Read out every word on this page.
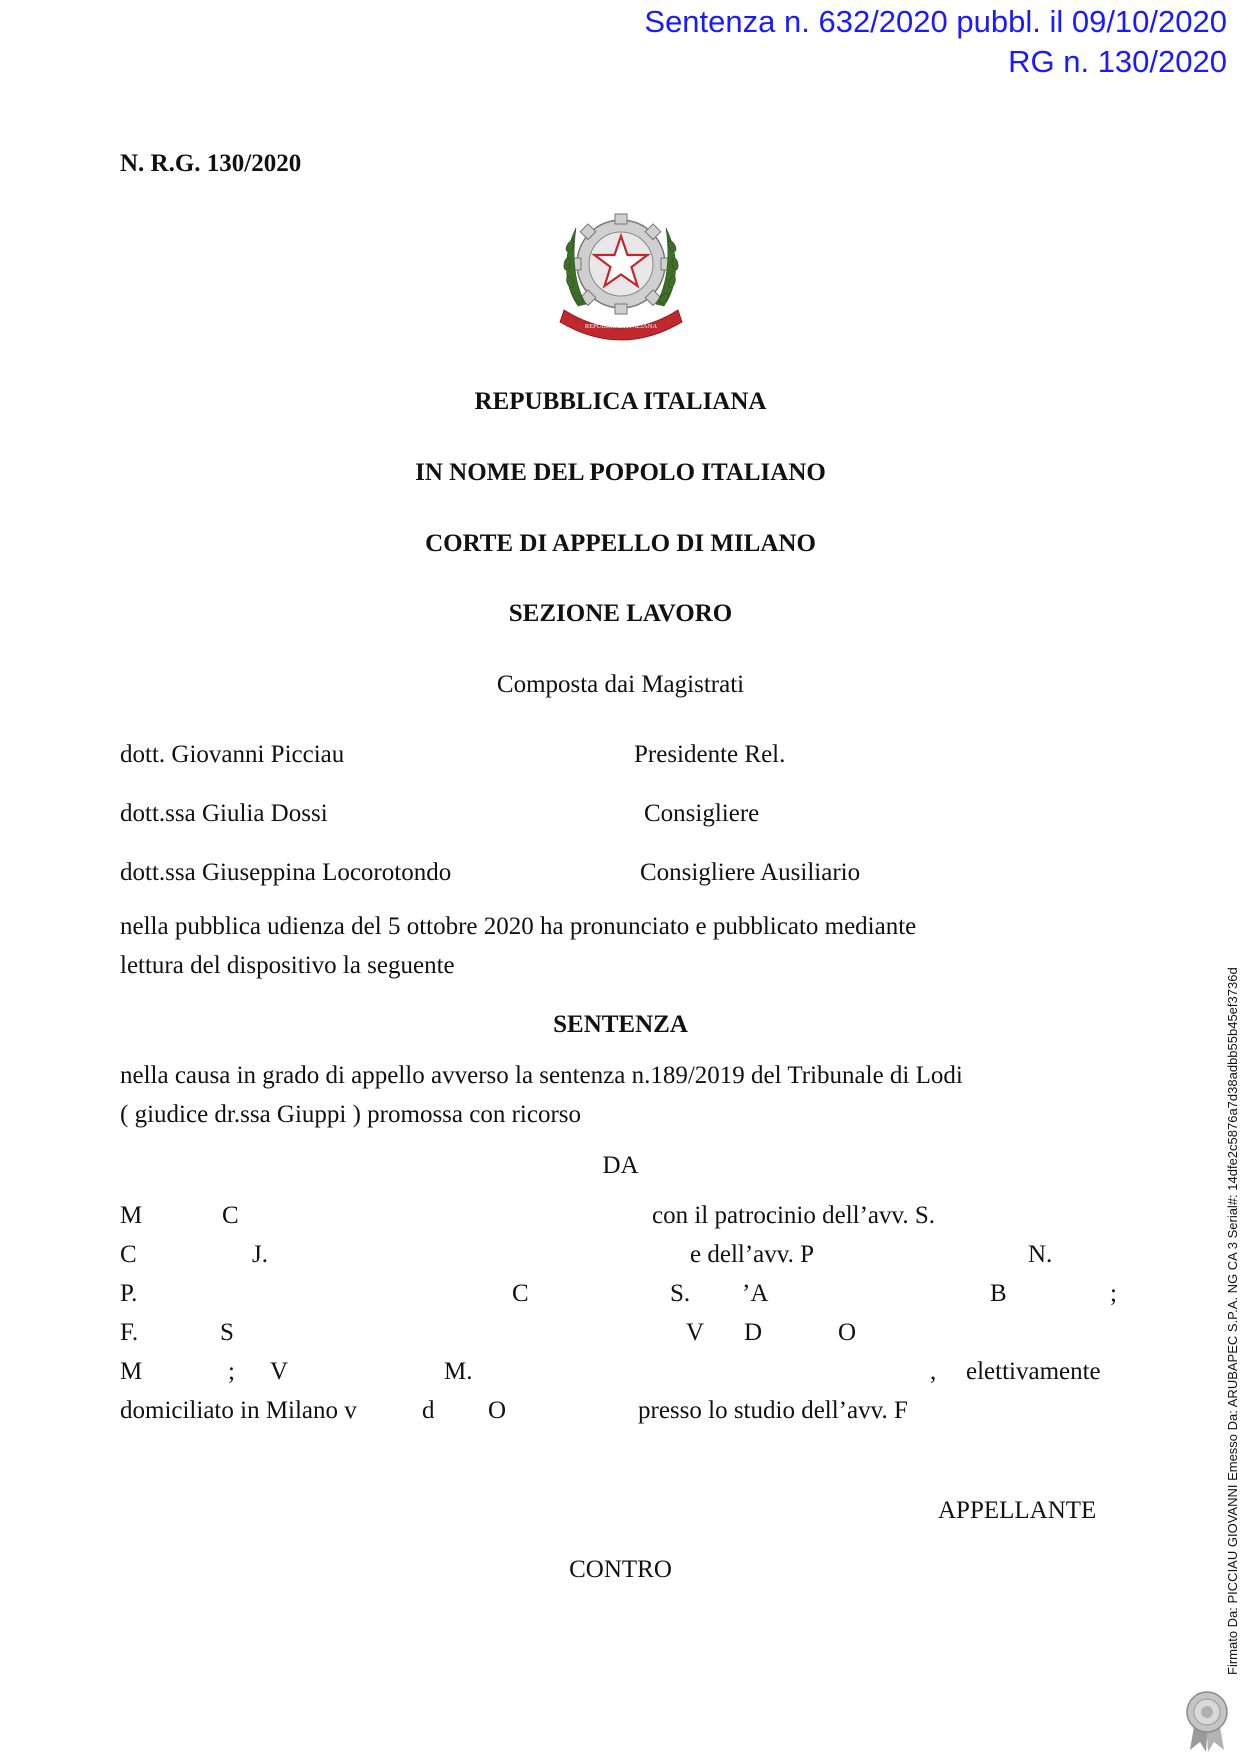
Sentenza n. 632/2020 pubbl. il 09/10/2020
RG n. 130/2020
N. R.G. 130/2020
REPUBBLICA ITALIANA
REPUBBLICA ITALIANA
IN NOME DEL POPOLO ITALIANO
CORTE DI APPELLO DI MILANO
SEZIONE LAVORO
Composta dai Magistrati
dott. Giovanni Picciau	Presidente Rel.
dott.ssa Giulia Dossi	Consigliere
dott.ssa Giuseppina Locorotondo	Consigliere Ausiliario
nella pubblica udienza del 5 ottobre 2020 ha pronunciato e pubblicato mediante
lettura del dispositivo la seguente
SENTENZA
nella causa in grado di appello avverso la sentenza n.189/2019 del Tribunale di Lodi
( giudice dr.ssa Giuppi ) promossa con ricorso
DA
M	C	con il patrocinio dell’avv. S.
C	J.	e dell’avv. P	N.
P.	C	S. ’A	B	;
F.	S	V D	O
M	; V	M.	, elettivamente
domiciliato in Milano v	d O	presso lo studio dell’avv. F
APPELLANTE
CONTRO	Firmato Da: PICCIAU GIOVANNI Emesso Da: ARUBAPEC S.P.A. NG CA 3 Serial#: 14dfe2c5876a7d38adbb55b45ef3736d
